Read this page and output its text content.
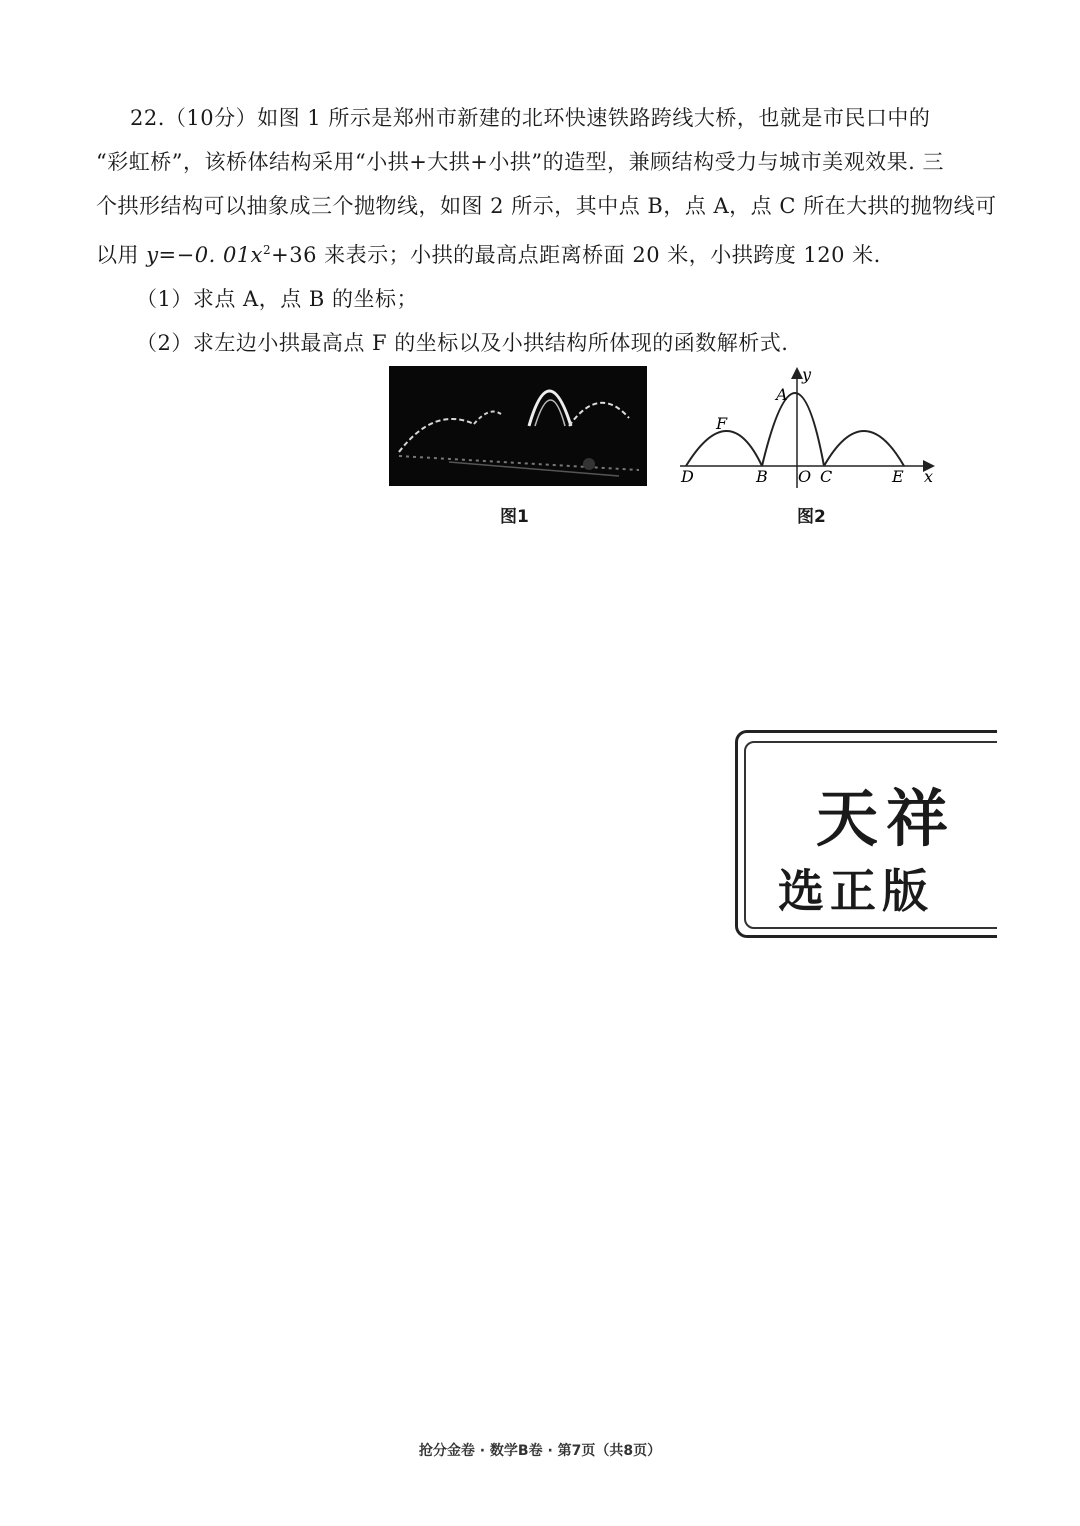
22.（10分）如图 1 所示是郑州市新建的北环快速铁路跨线大桥，也就是市民口中的
“彩虹桥”，该桥体结构采用“小拱+大拱+小拱”的造型，兼顾结构受力与城市美观效果. 三
个拱形结构可以抽象成三个抛物线，如图 2 所示，其中点 B，点 A，点 C 所在大拱的抛物线可
以用 y=−0. $01x^2+36$ 来表示；小拱的最高点距离桥面 20 米，小拱跨度 120 米.
（1）求点 A，点 B 的坐标；
（2）求左边小拱最高点 F 的坐标以及小拱结构所体现的函数解析式.
y
x
A
F
D	B O C	E
图1	图2
天祥
选正版
抢分金卷 · 数学B卷 · 第7页（共8页）
